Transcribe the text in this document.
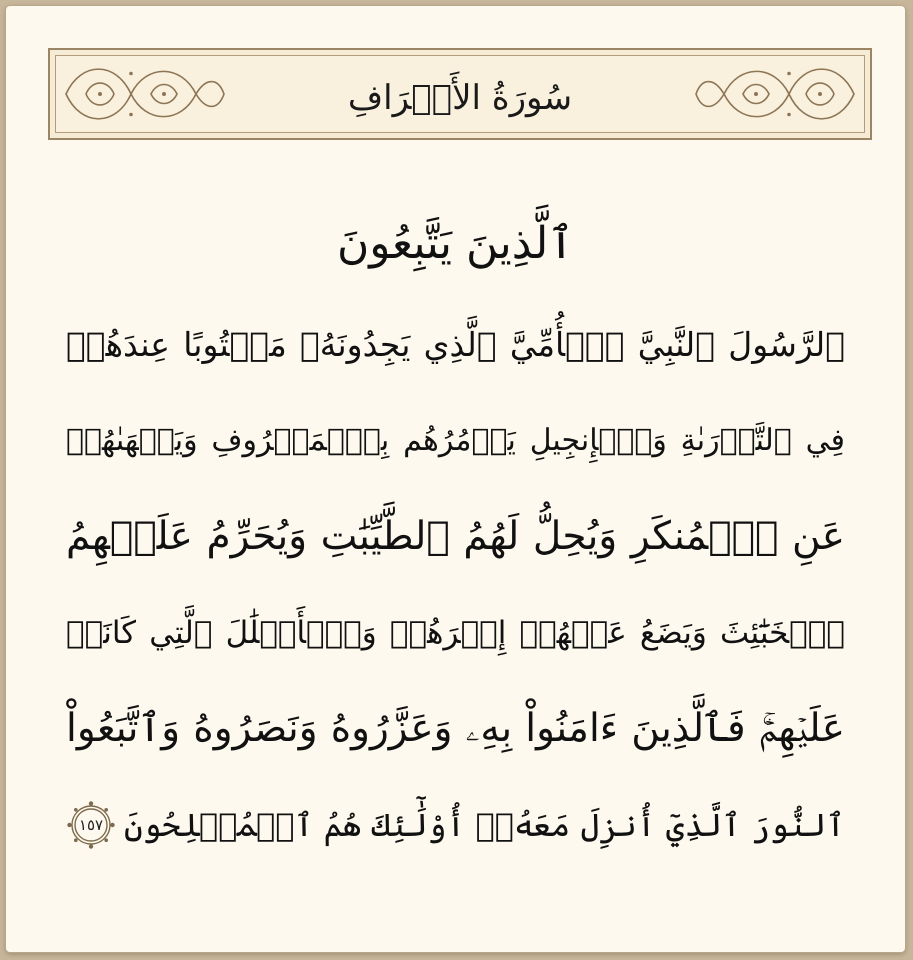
سُورَةُ الأَعۡرَافِ
ٱلَّذِينَ يَتَّبِعُونَ
ٱلرَّسُولَ ٱلنَّبِيَّ ٱلۡأُمِّيَّ ٱلَّذِي يَجِدُونَهُۥ مَكۡتُوبًا عِندَهُمۡ
فِي ٱلتَّوۡرَىٰةِ وَٱلۡإِنجِيلِ يَأۡمُرُهُم بِٱلۡمَعۡرُوفِ وَيَنۡهَىٰهُمۡ
عَنِ ٱلۡمُنكَرِ وَيُحِلُّ لَهُمُ ٱلطَّيِّبَٰتِ وَيُحَرِّمُ عَلَيۡهِمُ
ٱلۡخَبَٰٓئِثَ وَيَضَعُ عَنۡهُمۡ إِصۡرَهُمۡ وَٱلۡأَغۡلَٰلَ ٱلَّتِي كَانَتۡ
عَلَيۡهِمۡۚ فَٱلَّذِينَ ءَامَنُواْ بِهِۦ وَعَزَّرُوهُ وَنَصَرُوهُ وَٱتَّبَعُواْ
ٱلنُّورَ ٱلَّذِيٓ أُنزِلَ مَعَهُۥٓ أُوْلَٰٓئِكَ هُمُ ٱلۡمُفۡلِحُونَ
١٥٧
